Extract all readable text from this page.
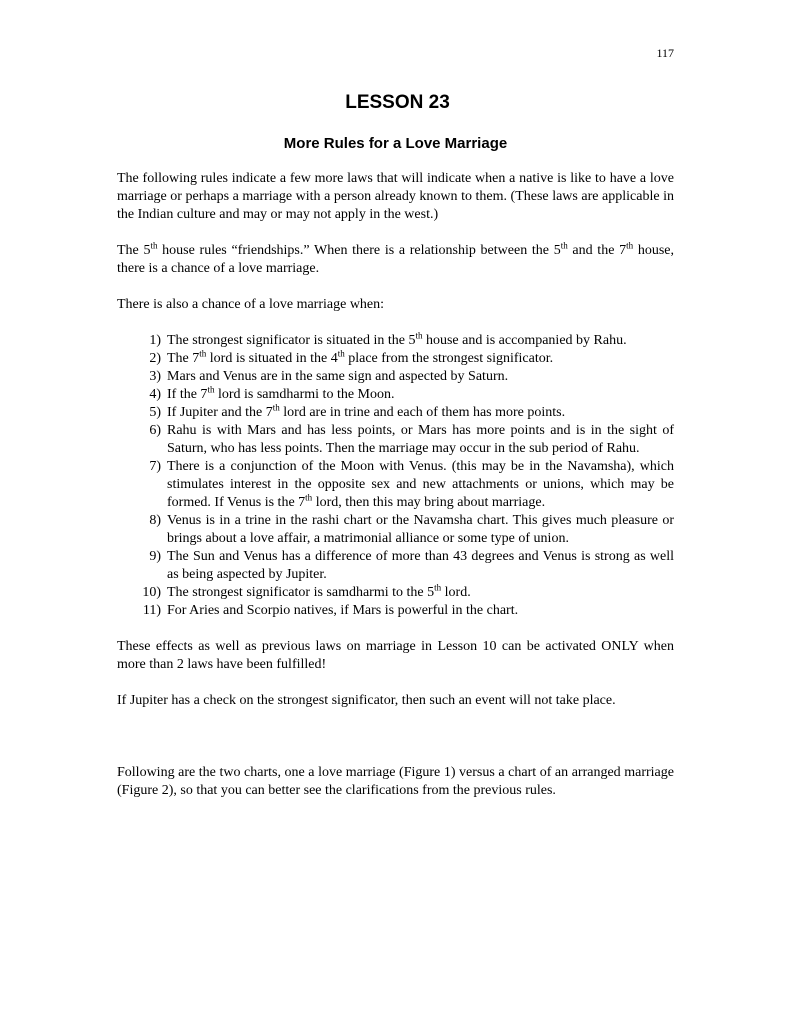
117
LESSON 23
More Rules for a Love Marriage

The following rules indicate a few more laws that will indicate when a native is like to have a love marriage or perhaps a marriage with a person already known to them. (These laws are applicable in the Indian culture and may or may not apply in the west.)

The 5th house rules “friendships.” When there is a relationship between the 5th and the 7th house, there is a chance of a love marriage.

There is also a chance of a love marriage when:

1) The strongest significator is situated in the 5th house and is accompanied by Rahu.
2) The 7th lord is situated in the 4th place from the strongest significator.
3) Mars and Venus are in the same sign and aspected by Saturn.
4) If the 7th lord is samdharmi to the Moon.
5) If Jupiter and the 7th lord are in trine and each of them has more points.
6) Rahu is with Mars and has less points, or Mars has more points and is in the sight of Saturn, who has less points. Then the marriage may occur in the sub period of Rahu.
7) There is a conjunction of the Moon with Venus. (this may be in the Navamsha), which stimulates interest in the opposite sex and new attachments or unions, which may be formed. If Venus is the 7th lord, then this may bring about marriage.
8) Venus is in a trine in the rashi chart or the Navamsha chart. This gives much pleasure or brings about a love affair, a matrimonial alliance or some type of union.
9) The Sun and Venus has a difference of more than 43 degrees and Venus is strong as well as being aspected by Jupiter.
10) The strongest significator is samdharmi to the 5th lord.
11) For Aries and Scorpio natives, if Mars is powerful in the chart.

These effects as well as previous laws on marriage in Lesson 10 can be activated ONLY when more than 2 laws have been fulfilled!

If Jupiter has a check on the strongest significator, then such an event will not take place.

Following are the two charts, one a love marriage (Figure 1) versus a chart of an arranged marriage (Figure 2), so that you can better see the clarifications from the previous rules.
